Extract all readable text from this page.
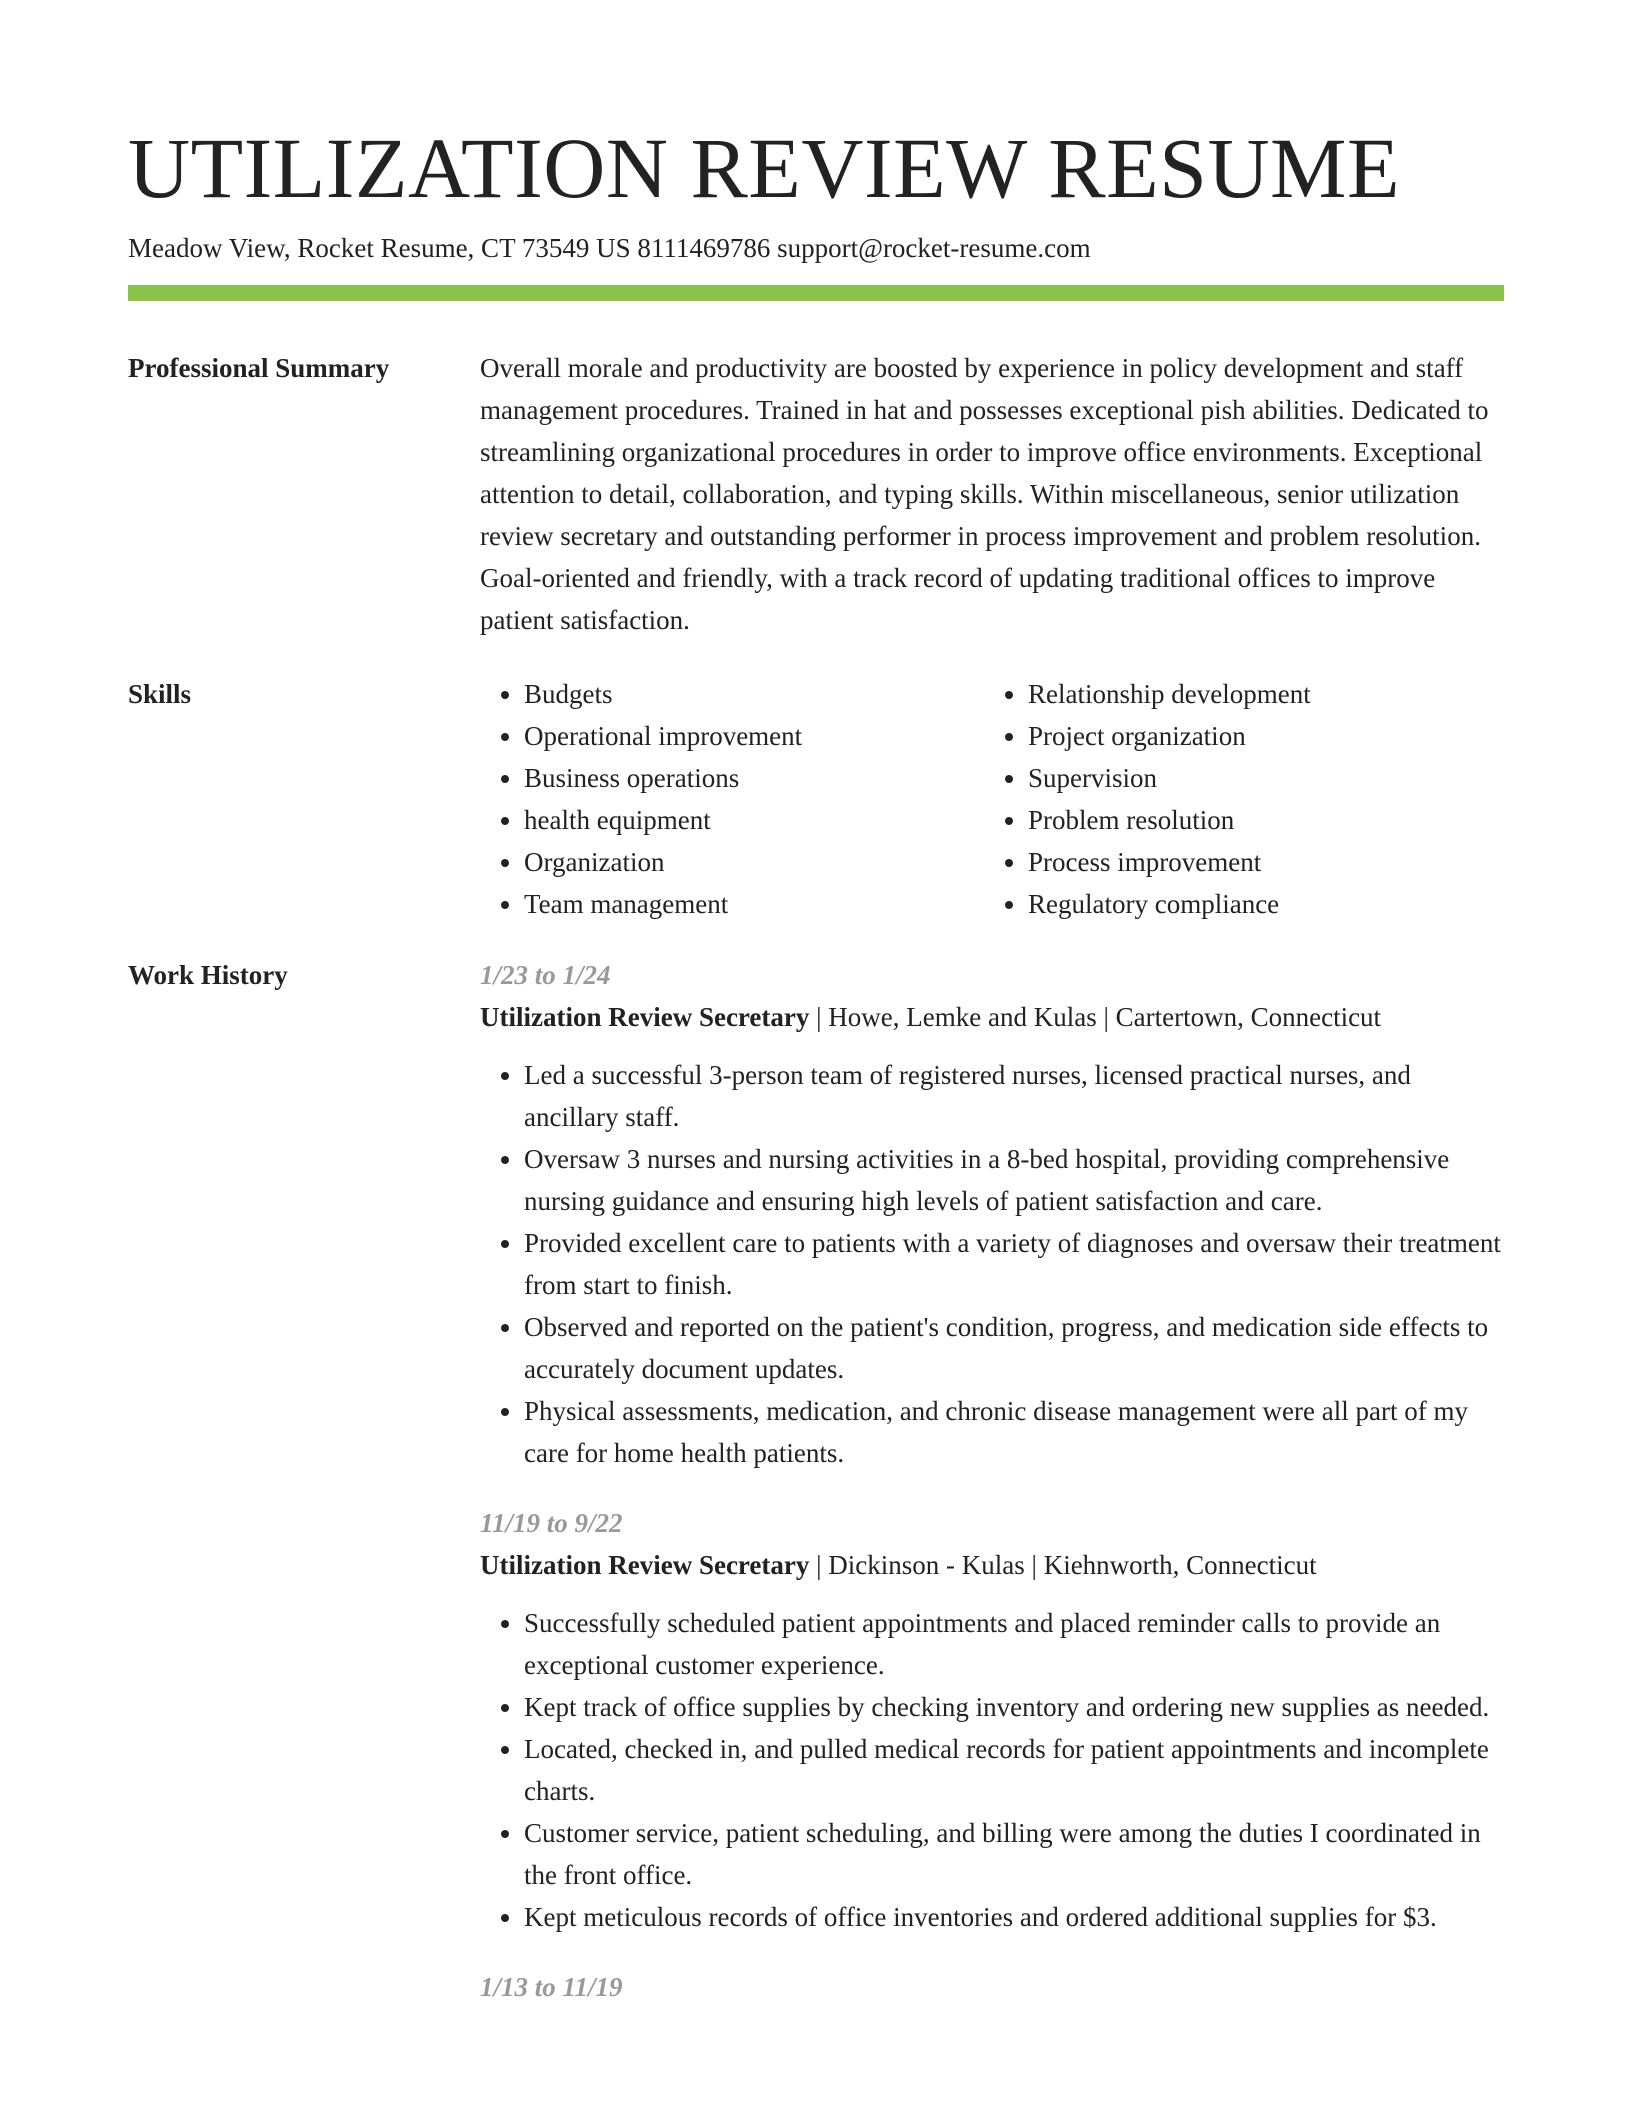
UTILIZATION REVIEW RESUME
Meadow View, Rocket Resume, CT 73549 US 8111469786 support@rocket-resume.com
Professional Summary	Overall morale and productivity are boosted by experience in policy development and staff management procedures. Trained in hat and possesses exceptional pish abilities. Dedicated to streamlining organizational procedures in order to improve office environments. Exceptional attention to detail, collaboration, and typing skills. Within miscellaneous, senior utilization review secretary and outstanding performer in process improvement and problem resolution. Goal-oriented and friendly, with a track record of updating traditional offices to improve patient satisfaction.

Skills
•	Budgets
• Operational improvement
• Business operations
• health equipment
• Organization
• Team management
• Relationship development
• Project organization
• Supervision
• Problem resolution
• Process improvement
• Regulatory compliance
Work History	1/23 to 1/24
Utilization Review Secretary | Howe, Lemke and Kulas | Cartertown, Connecticut
• Led a successful 3-person team of registered nurses, licensed practical nurses, and ancillary staff.
• Oversaw 3 nurses and nursing activities in a 8-bed hospital, providing comprehensive nursing guidance and ensuring high levels of patient satisfaction and care.
• Provided excellent care to patients with a variety of diagnoses and oversaw their treatment from start to finish.
• Observed and reported on the patient's condition, progress, and medication side effects to accurately document updates.
• Physical assessments, medication, and chronic disease management were all part of my care for home health patients.
11/19 to 9/22
Utilization Review Secretary | Dickinson - Kulas | Kiehnworth, Connecticut
• Successfully scheduled patient appointments and placed reminder calls to provide an exceptional customer experience.
• Kept track of office supplies by checking inventory and ordering new supplies as needed.
• Located, checked in, and pulled medical records for patient appointments and incomplete charts.
• Customer service, patient scheduling, and billing were among the duties I coordinated in the front office.
• Kept meticulous records of office inventories and ordered additional supplies for $3.
1/13 to 11/19
